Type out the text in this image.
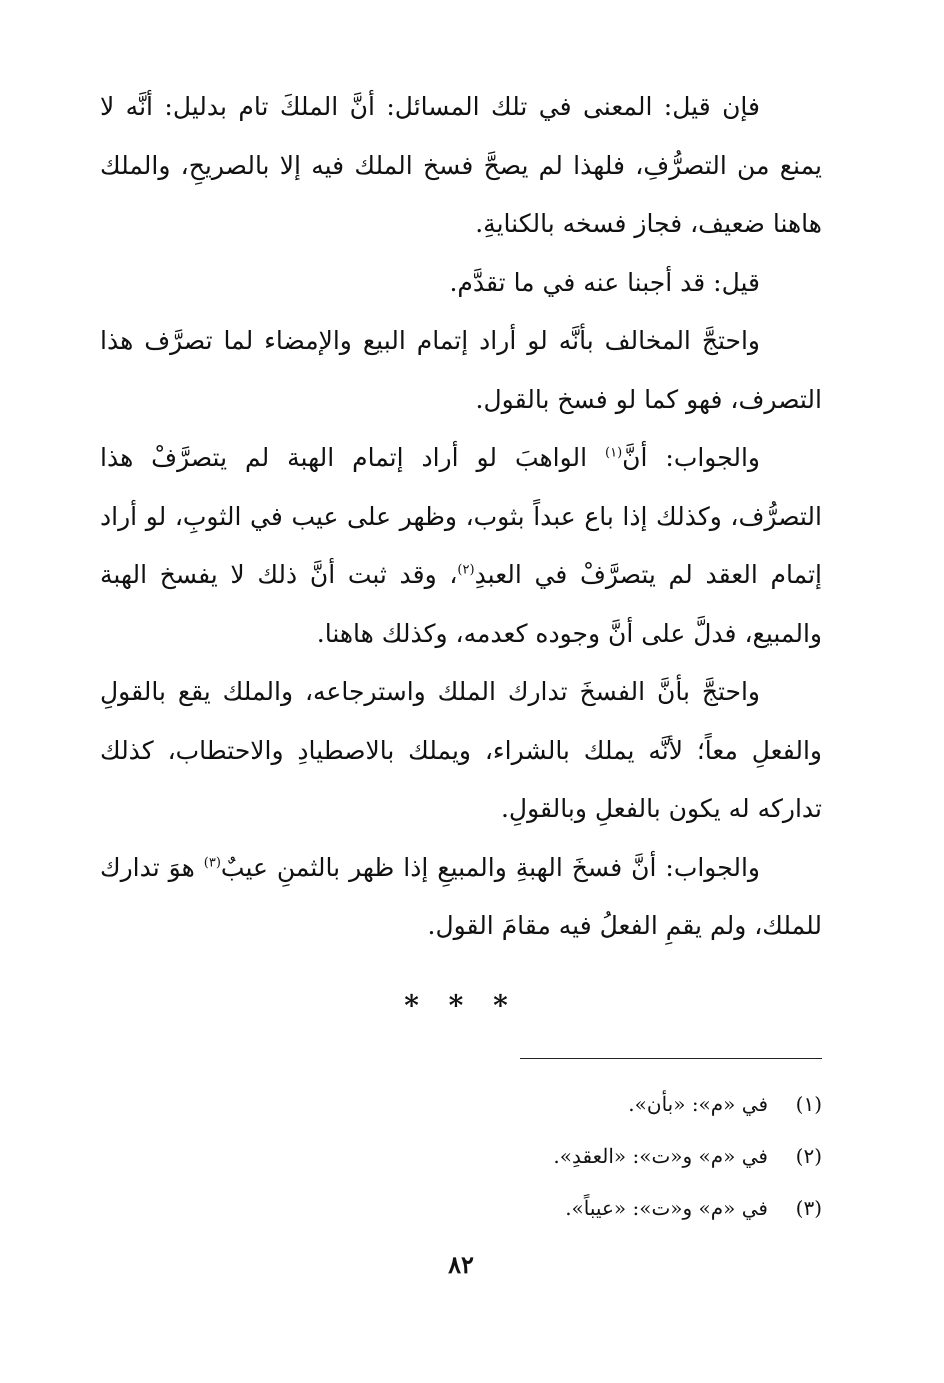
فإن قيل: المعنى في تلك المسائل: أنَّ الملكَ تام بدليل: أنَّه لا يمنع من التصرُّفِ، فلهذا لم يصحَّ فسخ الملك فيه إلا بالصريحِ، والملك هاهنا ضعيف، فجاز فسخه بالكنايةِ.

قيل: قد أجبنا عنه في ما تقدَّم.

واحتجَّ المخالف بأنَّه لو أراد إتمام البيع والإمضاء لما تصرَّف هذا التصرف، فهو كما لو فسخ بالقول.

والجواب: أنَّ$^{(١)}$ الواهبَ لو أراد إتمام الهبة لم يتصرَّفْ هذا التصرُّف، وكذلك إذا باع عبداً بثوب، وظهر على عيب في الثوبِ، لو أراد إتمام العقد لم يتصرَّفْ في العبدِ$^{(٢)}$، وقد ثبت أنَّ ذلك لا يفسخ الهبة والمبيع، فدلَّ على أنَّ وجوده كعدمه، وكذلك هاهنا.

واحتجَّ بأنَّ الفسخَ تدارك الملك واسترجاعه، والملك يقع بالقولِ والفعلِ معاً؛ لأنَّه يملك بالشراء، ويملك بالاصطيادِ والاحتطاب، كذلك تداركه له يكون بالفعلِ وبالقولِ.

والجواب: أنَّ فسخَ الهبةِ والمبيعِ إذا ظهر بالثمنِ عيبٌ$^{(٣)}$ هوَ تدارك للملك، ولم يقمِ الفعلُ فيه مقامَ القول.

* * *
(١)
في «م»: «بأن».
(٢)
في «م» و«ت»: «العقدِ».
(٣)
في «م» و«ت»: «عيباً».
٨٢
